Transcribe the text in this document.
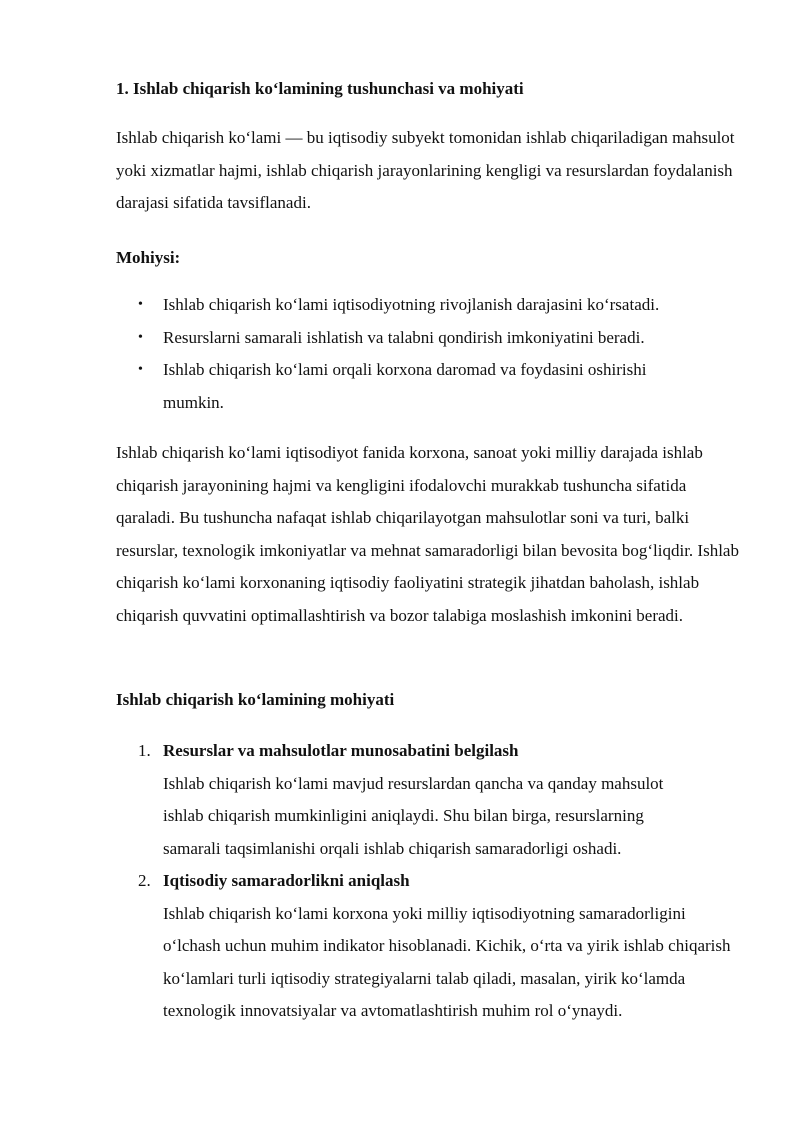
1. Ishlab chiqarish koʻlamining tushunchasi va mohiyati

Ishlab chiqarish koʻlami — bu iqtisodiy subyekt tomonidan ishlab chiqariladigan mahsulot yoki xizmatlar hajmi, ishlab chiqarish jarayonlarining kengligi va resurslardan foydalanish darajasi sifatida tavsiflanadi.

Mohiysi:

• Ishlab chiqarish koʻlami iqtisodiyotning rivojlanish darajasini koʻrsatadi.
• Resurslarni samarali ishlatish va talabni qondirish imkoniyatini beradi.
• Ishlab chiqarish koʻlami orqali korxona daromad va foydasini oshirishi mumkin.

Ishlab chiqarish koʻlami iqtisodiyot fanida korxona, sanoat yoki milliy darajada ishlab chiqarish jarayonining hajmi va kengligini ifodalovchi murakkab tushuncha sifatida qaraladi. Bu tushuncha nafaqat ishlab chiqarilayotgan mahsulotlar soni va turi, balki resurslar, texnologik imkoniyatlar va mehnat samaradorligi bilan bevosita bogʻliqdir. Ishlab chiqarish koʻlami korxonaning iqtisodiy faoliyatini strategik jihatdan baholash, ishlab chiqarish quvvatini optimallashtirish va bozor talabiga moslashish imkonini beradi.

Ishlab chiqarish koʻlamining mohiyati

1. Resurslar va mahsulotlar munosabatini belgilash
Ishlab chiqarish koʻlami mavjud resurslardan qancha va qanday mahsulot ishlab chiqarish mumkinligini aniqlaydi. Shu bilan birga, resurslarning samarali taqsimlanishi orqali ishlab chiqarish samaradorligi oshadi.
2. Iqtisodiy samaradorlikni aniqlash
Ishlab chiqarish koʻlami korxona yoki milliy iqtisodiyotning samaradorligini oʻlchash uchun muhim indikator hisoblanadi. Kichik, oʻrta va yirik ishlab chiqarish koʻlamlari turli iqtisodiy strategiyalarni talab qiladi, masalan, yirik koʻlamda texnologik innovatsiyalar va avtomatlashtirish muhim rol oʻynaydi.
